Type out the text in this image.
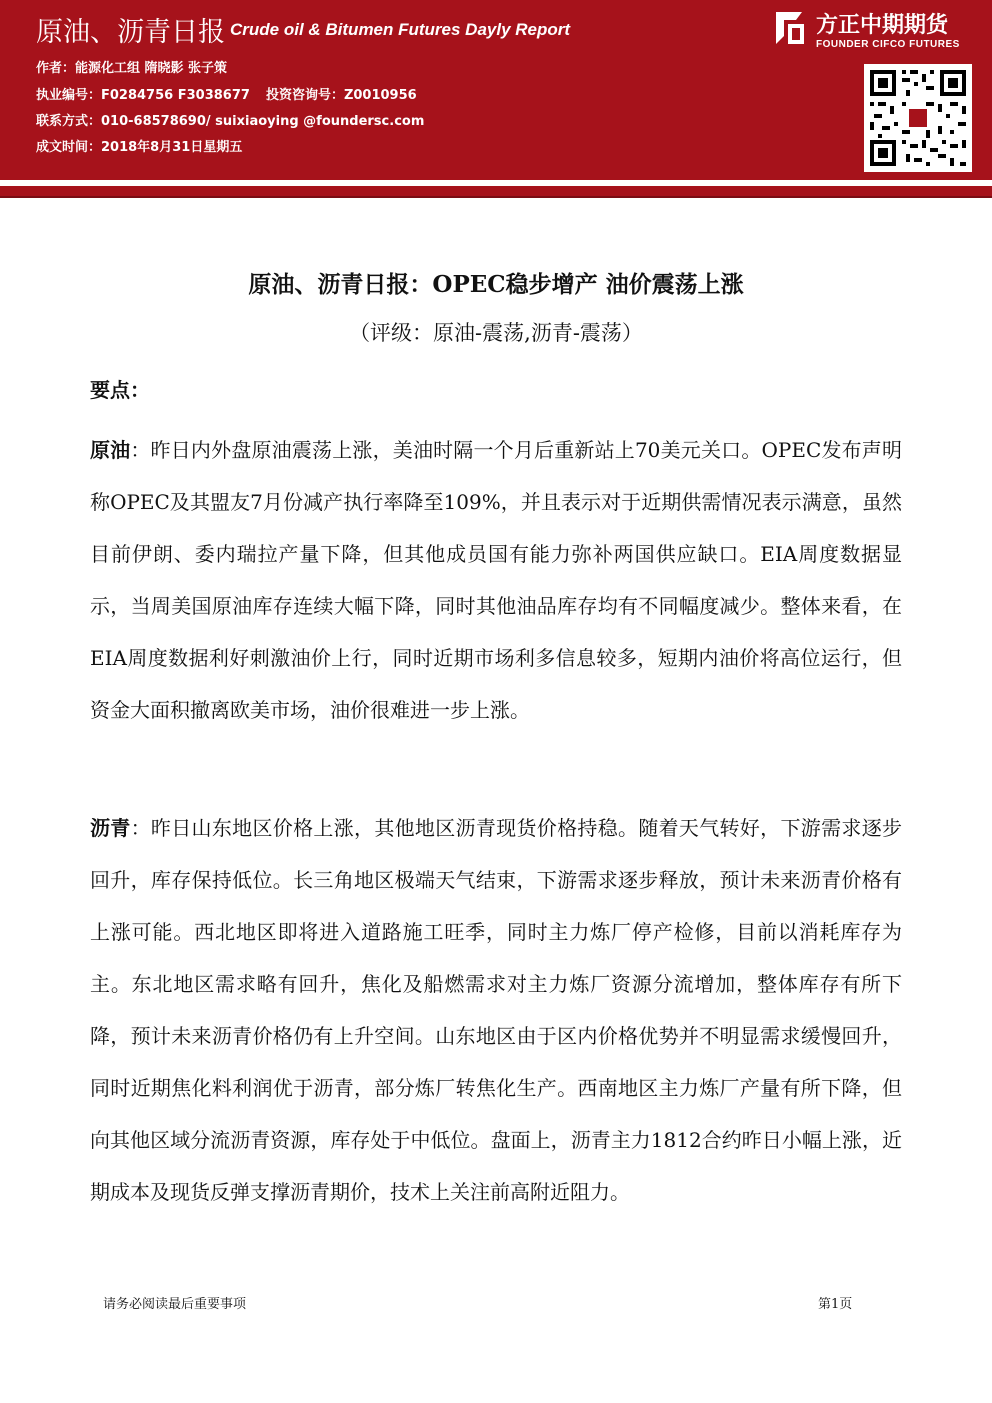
原油、沥青日报 Crude oil & Bitumen Futures Dayly Report
作者：能源化工组 隋晓影 张子策
执业编号：F0284756 F3038677 投资咨询号：Z0010956
联系方式：010-68578690/ suixiaoying @foundersc.com
成文时间：2018年8月31日星期五
方正中期期货
FOUNDER CIFCO FUTURES
原油、沥青日报：OPEC稳步增产 油价震荡上涨
（评级：原油-震荡,沥青-震荡）
要点：

原油：昨日内外盘原油震荡上涨，美油时隔一个月后重新站上70美元关口。OPEC发布声明称OPEC及其盟友7月份减产执行率降至109%，并且表示对于近期供需情况表示满意，虽然目前伊朗、委内瑞拉产量下降，但其他成员国有能力弥补两国供应缺口。EIA周度数据显示，当周美国原油库存连续大幅下降，同时其他油品库存均有不同幅度减少。整体来看，在EIA周度数据利好刺激油价上行，同时近期市场利多信息较多，短期内油价将高位运行，但资金大面积撤离欧美市场，油价很难进一步上涨。

沥青：昨日山东地区价格上涨，其他地区沥青现货价格持稳。随着天气转好，下游需求逐步回升，库存保持低位。长三角地区极端天气结束，下游需求逐步释放，预计未来沥青价格有上涨可能。西北地区即将进入道路施工旺季，同时主力炼厂停产检修，目前以消耗库存为主。东北地区需求略有回升，焦化及船燃需求对主力炼厂资源分流增加，整体库存有所下降，预计未来沥青价格仍有上升空间。山东地区由于区内价格优势并不明显需求缓慢回升，同时近期焦化料利润优于沥青，部分炼厂转焦化生产。西南地区主力炼厂产量有所下降，但向其他区域分流沥青资源，库存处于中低位。盘面上，沥青主力1812合约昨日小幅上涨，近期成本及现货反弹支撑沥青期价，技术上关注前高附近阻力。

请务必阅读最后重要事项	第1页
